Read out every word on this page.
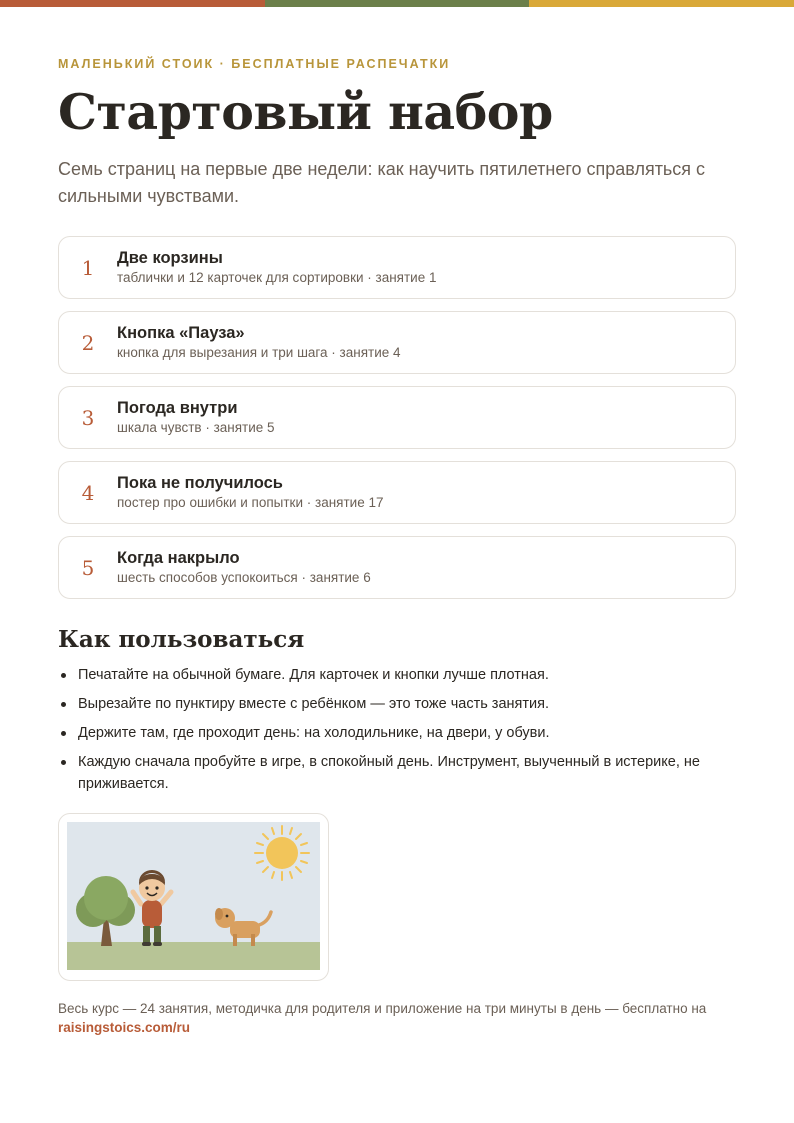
МАЛЕНЬКИЙ СТОИК · БЕСПЛАТНЫЕ РАСПЕЧАТКИ
Стартовый набор

Семь страниц на первые две недели: как научить пятилетнего справляться с сильными чувствами.

1	Две корзины
таблички и 12 карточек для сортировки · занятие 1
2	Кнопка «Пауза»
кнопка для вырезания и три шага · занятие 4
3	Погода внутри
шкала чувств · занятие 5
4	Пока не получилось
постер про ошибки и попытки · занятие 17
5	Когда накрыло
шесть способов успокоиться · занятие 6
Как пользоваться
Печатайте на обычной бумаге. Для карточек и кнопки лучше плотная.
Вырезайте по пунктиру вместе с ребёнком — это тоже часть занятия.
Держите там, где проходит день: на холодильнике, на двери, у обуви.
Каждую сначала пробуйте в игре, в спокойный день. Инструмент, выученный в истерике, не приживается.
Весь курс — 24 занятия, методичка для родителя и приложение на три минуты в день — бесплатно на raisingstoics.com/ru
